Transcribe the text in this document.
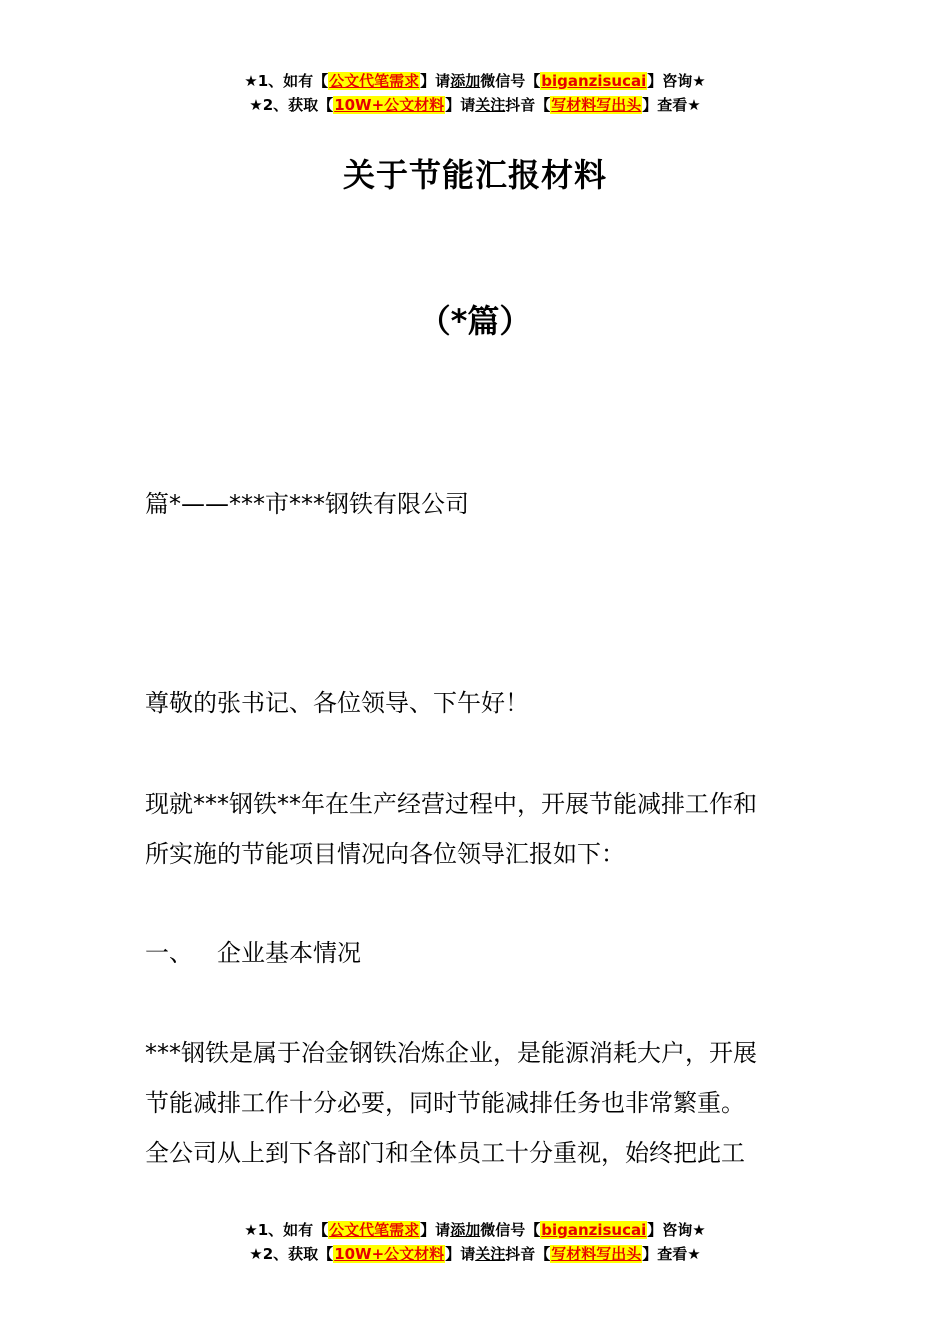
★1、如有【公文代笔需求】请添加微信号【biganzisucai】咨询★
★2、获取【10W+公文材料】请关注抖音【写材料写出头】查看★
关于节能汇报材料
（*篇）
篇*——***市***钢铁有限公司
尊敬的张书记、各位领导、下午好！
现就***钢铁**年在生产经营过程中，开展节能减排工作和
所实施的节能项目情况向各位领导汇报如下：
一、 企业基本情况
***钢铁是属于冶金钢铁冶炼企业，是能源消耗大户，开展
节能减排工作十分必要，同时节能减排任务也非常繁重。
全公司从上到下各部门和全体员工十分重视，始终把此工
★1、如有【公文代笔需求】请添加微信号【biganzisucai】咨询★
★2、获取【10W+公文材料】请关注抖音【写材料写出头】查看★
